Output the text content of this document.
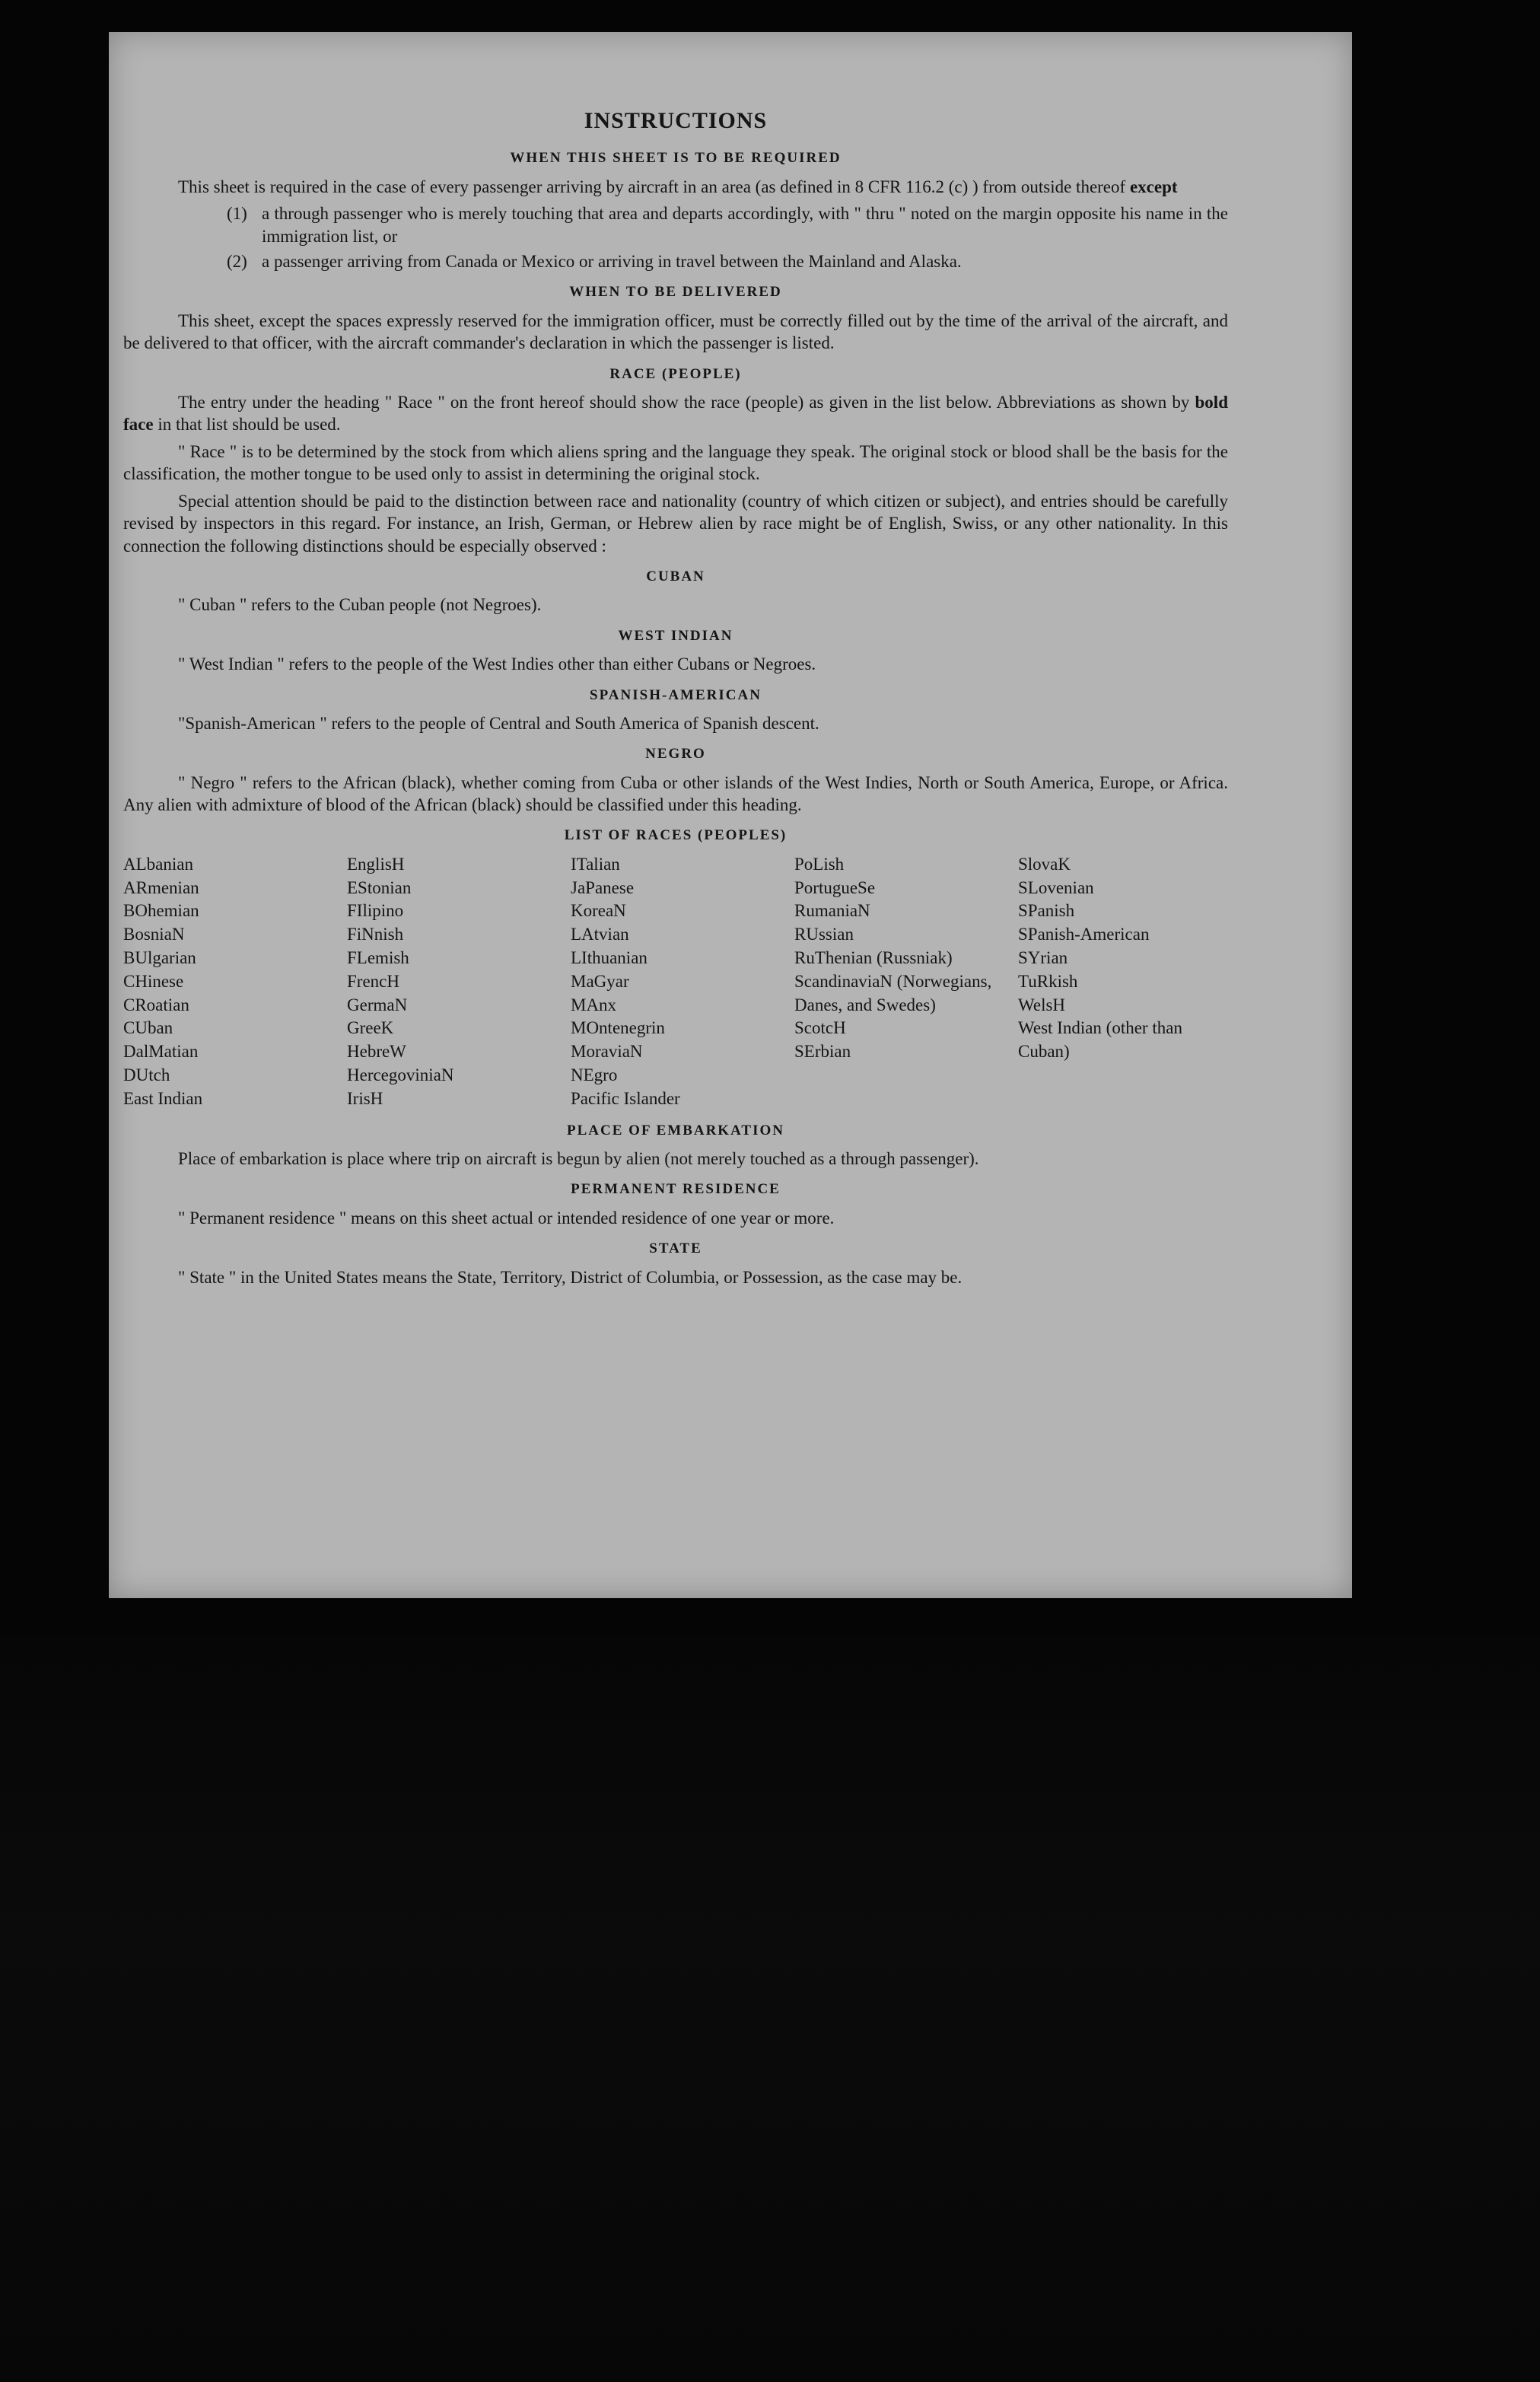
INSTRUCTIONS
WHEN THIS SHEET IS TO BE REQUIRED

This sheet is required in the case of every passenger arriving by aircraft in an area (as defined in 8 CFR 116.2 (c) ) from outside thereof except

(1) a through passenger who is merely touching that area and departs accordingly, with " thru " noted on the margin opposite his name in the immigration list, or
(2) a passenger arriving from Canada or Mexico or arriving in travel between the Mainland and Alaska.
WHEN TO BE DELIVERED

This sheet, except the spaces expressly reserved for the immigration officer, must be correctly filled out by the time of the arrival of the aircraft, and be delivered to that officer, with the aircraft commander's declaration in which the passenger is listed.

RACE (PEOPLE)

The entry under the heading " Race " on the front hereof should show the race (people) as given in the list below. Abbreviations as shown by bold face in that list should be used.

" Race " is to be determined by the stock from which aliens spring and the language they speak. The original stock or blood shall be the basis for the classification, the mother tongue to be used only to assist in determining the original stock.

Special attention should be paid to the distinction between race and nationality (country of which citizen or subject), and entries should be carefully revised by inspectors in this regard. For instance, an Irish, German, or Hebrew alien by race might be of English, Swiss, or any other nationality. In this connection the following distinctions should be especially observed :

CUBAN

" Cuban " refers to the Cuban people (not Negroes).

WEST INDIAN

" West Indian " refers to the people of the West Indies other than either Cubans or Negroes.

SPANISH-AMERICAN

"Spanish-American " refers to the people of Central and South America of Spanish descent.

NEGRO

" Negro " refers to the African (black), whether coming from Cuba or other islands of the West Indies, North or South America, Europe, or Africa. Any alien with admixture of blood of the African (black) should be classified under this heading.

LIST OF RACES (PEOPLES)
ALbanian
ARmenian
BOhemian
BosniaN
BUlgarian
CHinese
CRoatian
CUban
DalMatian
DUtch
East Indian
EnglisH
EStonian
FIlipino
FiNnish
FLemish
FrencH
GermaN
GreeK
HebreW
HercegovinіaN
IrisH
ITalian
JaPanese
KoreaN
LAtvian
LIthuanian
MaGyar
MAnx
MOntenegrin
MoraviaN
NEgro
Pacific Islander
PoLish
PortugueSe
RumaniaN
RUssian
RuThenian (Russniak)
ScandinaviaN (Norwegians, Danes, and Swedes)
ScotcH
SErbian
SlovaK
SLovenian
SPanish
SPanish-American
SYrian
TuRkish
WelsH
West Indian (other than Cuban)
PLACE OF EMBARKATION

Place of embarkation is place where trip on aircraft is begun by alien (not merely touched as a through passenger).

PERMANENT RESIDENCE

" Permanent residence " means on this sheet actual or intended residence of one year or more.

STATE

" State " in the United States means the State, Territory, District of Columbia, or Possession, as the case may be.
